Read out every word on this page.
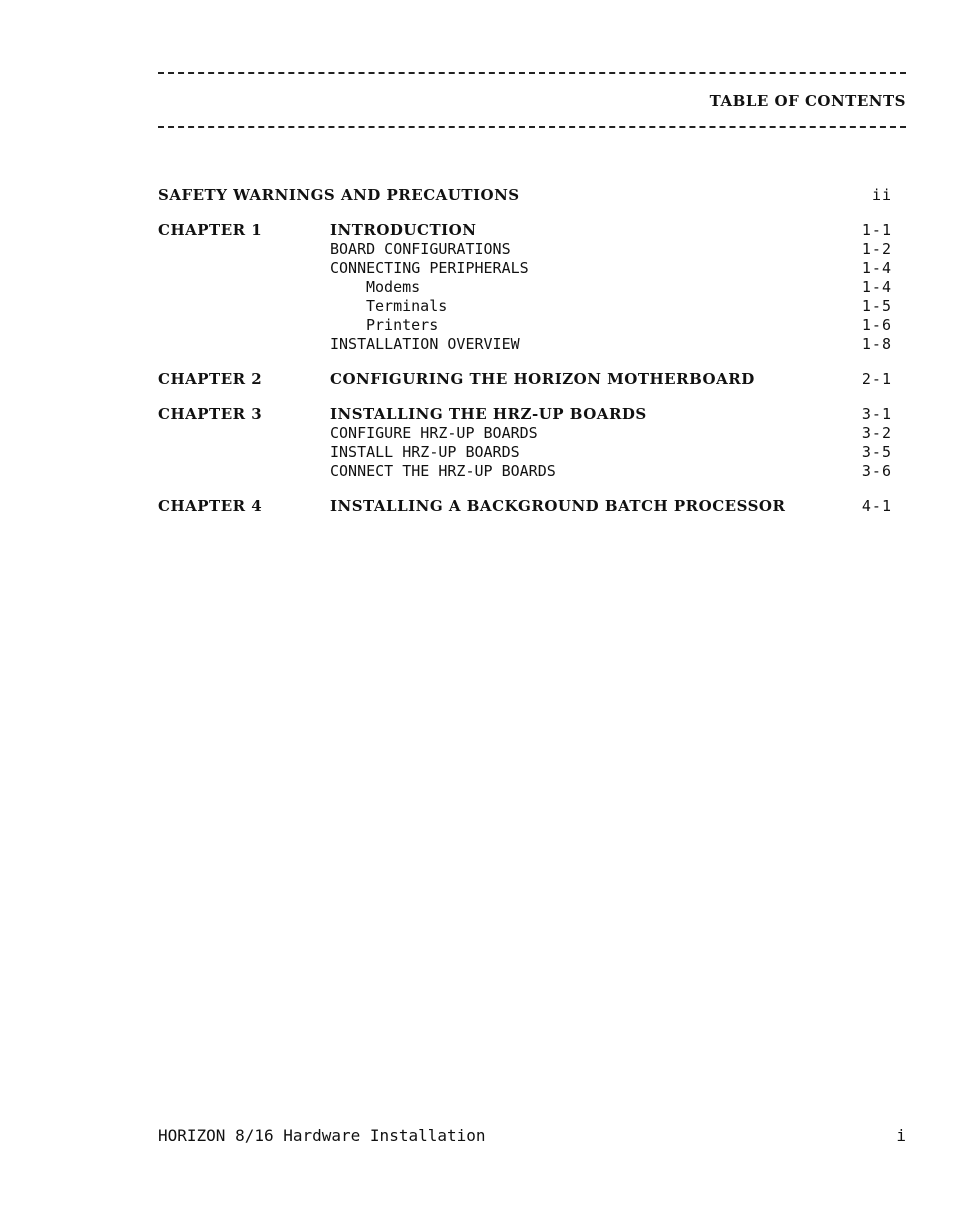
TABLE OF CONTENTS
SAFETY WARNINGS AND PRECAUTIONS	ii
CHAPTER 1	INTRODUCTION	1-1
BOARD CONFIGURATIONS	1-2
CONNECTING PERIPHERALS	1-4
Modems	1-4
Terminals	1-5
Printers	1-6
INSTALLATION OVERVIEW	1-8
CHAPTER 2	CONFIGURING THE HORIZON MOTHERBOARD	2-1
CHAPTER 3	INSTALLING THE HRZ-UP BOARDS	3-1
CONFIGURE HRZ-UP BOARDS	3-2
INSTALL HRZ-UP BOARDS	3-5
CONNECT THE HRZ-UP BOARDS	3-6
CHAPTER 4	INSTALLING A BACKGROUND BATCH PROCESSOR	4-1
HORIZON 8/16 Hardware Installation	i
